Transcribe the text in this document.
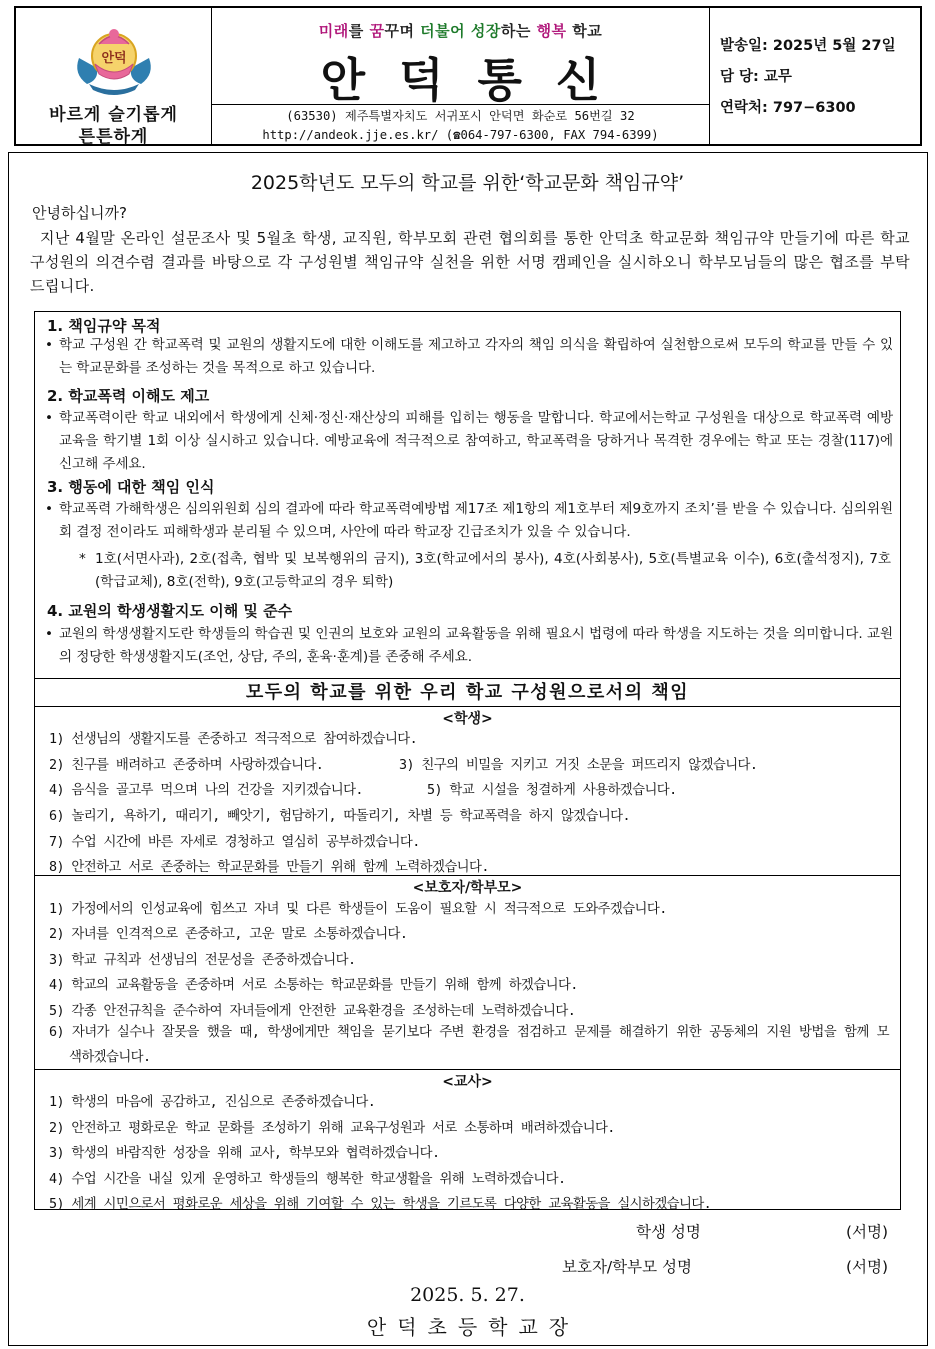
안덕
바르게 슬기롭게
튼튼하게
미래를 꿈꾸며 더불어 성장하는 행복 학교
안덕통신
(63530) 제주특별자치도 서귀포시 안덕면 화순로 56번길 32
http://andeok.jje.es.kr/ (☎064-797-6300, FAX 794-6399)
발송일: 2025년 5월 27일
담 당: 교무
연락처: 797−6300
2025학년도 모두의 학교를 위한‘학교문화 책임규약’
안녕하십니까?
지난 4월말 온라인 설문조사 및 5월초 학생, 교직원, 학부모회 관련 협의회를 통한 안덕초 학교문화 책임규약 만들기에 따른 학교 구성원의 의견수렴 결과를 바탕으로 각 구성원별 책임규약 실천을 위한 서명 캠페인을 실시하오니 학부모님들의 많은 협조를 부탁드립니다.
1. 책임규약 목적
• 학교 구성원 간 학교폭력 및 교원의 생활지도에 대한 이해도를 제고하고 각자의 책임 의식을 확립하여 실천함으로써 모두의 학교를 만들 수 있는 학교문화를 조성하는 것을 목적으로 하고 있습니다.
2. 학교폭력 이해도 제고
• 학교폭력이란 학교 내외에서 학생에게 신체·정신·재산상의 피해를 입히는 행동을 말합니다. 학교에서는학교 구성원을 대상으로 학교폭력 예방교육을 학기별 1회 이상 실시하고 있습니다. 예방교육에 적극적으로 참여하고, 학교폭력을 당하거나 목격한 경우에는 학교 또는 경찰(117)에 신고해 주세요.
3. 행동에 대한 책임 인식
• 학교폭력 가해학생은 심의위원회 심의 결과에 따라 학교폭력예방법 제17조 제1항의 제1호부터 제9호까지 조치’를 받을 수 있습니다. 심의위원회 결정 전이라도 피해학생과 분리될 수 있으며, 사안에 따라 학교장 긴급조치가 있을 수 있습니다.
* 1호(서면사과), 2호(접촉, 협박 및 보복행위의 금지), 3호(학교에서의 봉사), 4호(사회봉사), 5호(특별교육 이수), 6호(출석정지), 7호(학급교체), 8호(전학), 9호(고등학교의 경우 퇴학)
4. 교원의 학생생활지도 이해 및 준수
• 교원의 학생생활지도란 학생들의 학습권 및 인권의 보호와 교원의 교육활동을 위해 필요시 법령에 따라 학생을 지도하는 것을 의미합니다. 교원의 정당한 학생생활지도(조언, 상담, 주의, 훈육·훈계)를 존중해 주세요.
모두의 학교를 위한 우리 학교 구성원으로서의 책임
<학생>
1) 선생님의 생활지도를 존중하고 적극적으로 참여하겠습니다.
2) 친구를 배려하고 존중하며 사랑하겠습니다.	3) 친구의 비밀을 지키고 거짓 소문을 퍼뜨리지 않겠습니다.
4) 음식을 골고루 먹으며 나의 건강을 지키겠습니다.	5) 학교 시설을 청결하게 사용하겠습니다.
6) 놀리기, 욕하기, 때리기, 빼앗기, 험담하기, 따돌리기, 차별 등 학교폭력을 하지 않겠습니다.
7) 수업 시간에 바른 자세로 경청하고 열심히 공부하겠습니다.
8) 안전하고 서로 존중하는 학교문화를 만들기 위해 함께 노력하겠습니다.
<보호자/학부모>
1) 가정에서의 인성교육에 힘쓰고 자녀 및 다른 학생들이 도움이 필요할 시 적극적으로 도와주겠습니다.
2) 자녀를 인격적으로 존중하고, 고운 말로 소통하겠습니다.
3) 학교 규칙과 선생님의 전문성을 존중하겠습니다.
4) 학교의 교육활동을 존중하며 서로 소통하는 학교문화를 만들기 위해 함께 하겠습니다.
5) 각종 안전규칙을 준수하여 자녀들에게 안전한 교육환경을 조성하는데 노력하겠습니다.
6) 자녀가 실수나 잘못을 했을 때, 학생에게만 책임을 묻기보다 주변 환경을 점검하고 문제를 해결하기 위한 공동체의 지원 방법을 함께 모색하겠습니다.
<교사>
1) 학생의 마음에 공감하고, 진심으로 존중하겠습니다.
2) 안전하고 평화로운 학교 문화를 조성하기 위해 교육구성원과 서로 소통하며 배려하겠습니다.
3) 학생의 바람직한 성장을 위해 교사, 학부모와 협력하겠습니다.
4) 수업 시간을 내실 있게 운영하고 학생들의 행복한 학교생활을 위해 노력하겠습니다.
5) 세계 시민으로서 평화로운 세상을 위해 기여할 수 있는 학생을 기르도록 다양한 교육활동을 실시하겠습니다.
학생 성명	(서명)
보호자/학부모 성명	(서명)
2025. 5. 27.
안덕초등학교장
